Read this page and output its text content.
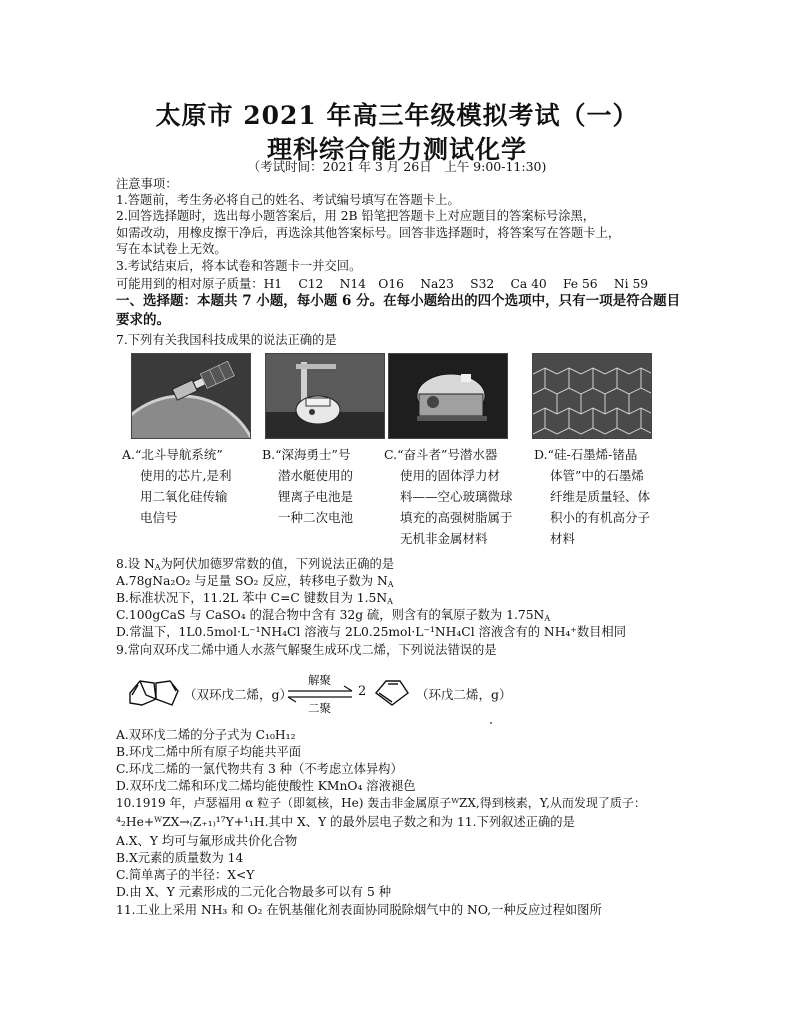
太原市 2021 年高三年级模拟考试（一）
理科综合能力测试化学
（考试时间：2021 年 3 月 26日　上午 9:00-11:30)
注意事项：
1.答题前，考生务必将自己的姓名、考试编号填写在答题卡上。
2.回答选择题时，选出每小题答案后，用 2B 铅笔把答题卡上对应题目的答案标号涂黑，
如需改动，用橡皮擦干净后，再选涂其他答案标号。回答非选择题时，将答案写在答题卡上，
写在本试卷上无效。
3.考试结束后，将本试卷和答题卡一并交回。
可能用到的相对原子质量：H1　 C12　 N14　O16　 Na23　 S32　 Ca 40　 Fe 56　 Ni 59
一、选择题：本题共 7 小题，每小题 6 分。在每小题给出的四个选项中，只有一项是符合题目
要求的。
7.下列有关我国科技成果的说法正确的是
A.“北斗导航系统”
使用的芯片,是利
用二氧化硅传输
电信号
B.“深海勇士”号
潜水艇使用的
锂离子电池是
一种二次电池
C.“奋斗者”号潜水器
使用的固体浮力材
料——空心玻璃微球
填充的高强树脂属于
无机非金属材料
D.“硅-石墨烯-锗晶
体管”中的石墨烯
纤维是质量轻、体
积小的有机高分子
材料
8.设 $N_A$为阿伏加德罗常数的值，下列说法正确的是
A.78gNa₂O₂ 与足量 SO₂ 反应，转移电子数为 $N_A$
B.标准状况下，11.2L 苯中 C=C 键数目为 $1.5N_A$
C.100gCaS 与 CaSO₄ 的混合物中含有 32g 硫，则含有的氧原子数为 $1.75N_A$
D.常温下，1L0.5mol·L⁻¹NH₄Cl 溶液与 2L0.25mol·L⁻¹NH₄Cl 溶液含有的 NH₄⁺数目相同
9.常向双环戊二烯中通人水蒸气解聚生成环戊二烯，下列说法错误的是
（双环戊二烯，g）
解聚
二聚
2	（环戊二烯，g）
A.双环戊二烯的分子式为 C₁₀H₁₂
B.环戊二烯中所有原子均能共平面
C.环戊二烯的一氯代物共有 3 种（不考虑立体异构）
D.双环戊二烯和环戊二烯均能使酸性 KMnO₄ 溶液褪色
10.1919 年，卢瑟福用 α 粒子（即氦核，He) 轰击非金属原子ᵂZX,得到核素，Y,从而发现了质子：
⁴₂He+ᵂZX→₍Z₊₁₎¹⁷Y+¹₁H.其中 X、Y 的最外层电子数之和为 11.下列叙述正确的是
A.X、Y 均可与氟形成共价化合物
B.X元素的质量数为 14
C.简单离子的半径：X<Y
D.由 X、Y 元素形成的二元化合物最多可以有 5 种
11.工业上采用 NH₃ 和 O₂ 在钒基催化剂表面协同脱除烟气中的 NO,一种反应过程如图所
